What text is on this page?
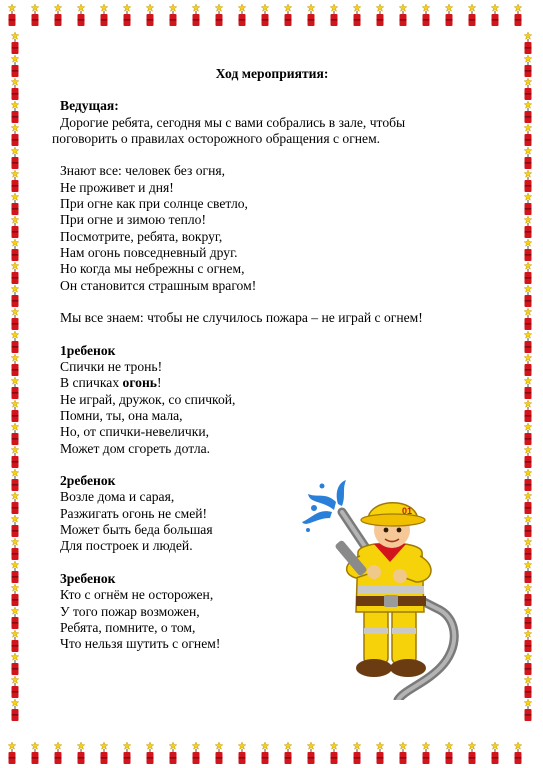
Ход мероприятия:
Ведущая:
Дорогие ребята, сегодня мы с вами собрались в зале, чтобы
поговорить о правилах осторожного обращения с огнем.
Знают все: человек без огня,
Не проживет и дня!
При огне как при солнце светло,
При огне и зимою тепло!
Посмотрите, ребята, вокруг,
Нам огонь повседневный друг.
Но когда мы небрежны с огнем,
Он становится страшным врагом!
Мы все знаем: чтобы не случилось пожара – не играй с огнем!
1ребенок
Спички не тронь!
В спичках огонь!
Не играй, дружок, со спичкой,
Помни, ты, она мала,
Но, от спички-невелички,
Может дом сгореть дотла.
2ребенок
Возле дома и сарая,
Разжигать огонь не смей!
Может быть беда большая
Для построек и людей.
3ребенок
Кто с огнём не осторожен,
У того пожар возможен,
Ребята, помните, о том,
Что нельзя шутить с огнем!
01
